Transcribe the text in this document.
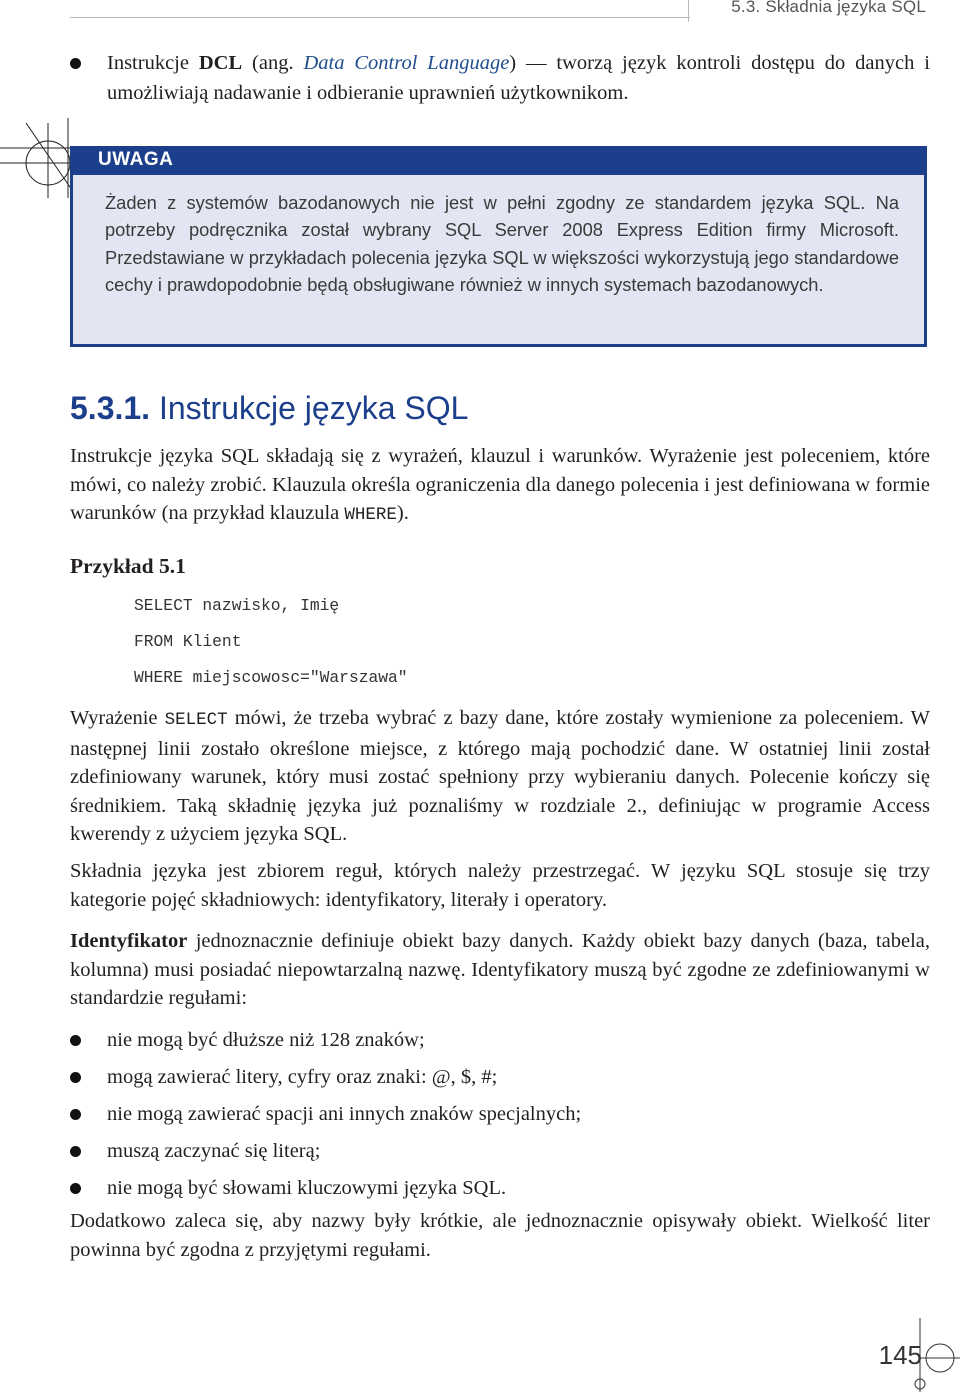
5.3. Składnia języka SQL
Instrukcje DCL (ang. Data Control Language) — tworzą język kontroli dostępu do danych i umożliwiają nadawanie i odbieranie uprawnień użytkownikom.
UWAGA
Żaden z systemów bazodanowych nie jest w pełni zgodny ze standardem języka SQL. Na potrzeby podręcznika został wybrany SQL Server 2008 Express Edition firmy Microsoft. Przedstawiane w przykładach polecenia języka SQL w większości wykorzystują jego standardowe cechy i prawdopodobnie będą obsługiwane również w innych systemach bazodanowych.
5.3.1. Instrukcje języka SQL
Instrukcje języka SQL składają się z wyrażeń, klauzul i warunków. Wyrażenie jest poleceniem, które mówi, co należy zrobić. Klauzula określa ograniczenia dla danego polecenia i jest definiowana w formie warunków (na przykład klauzula WHERE).
Przykład 5.1
SELECT nazwisko, Imię
FROM Klient
WHERE miejscowosc="Warszawa"
Wyrażenie SELECT mówi, że trzeba wybrać z bazy dane, które zostały wymienione za poleceniem. W następnej linii zostało określone miejsce, z którego mają pochodzić dane. W ostatniej linii został zdefiniowany warunek, który musi zostać spełniony przy wybieraniu danych. Polecenie kończy się średnikiem. Taką składnię języka już poznaliśmy w rozdziale 2., definiując w programie Access kwerendy z użyciem języka SQL.
Składnia języka jest zbiorem reguł, których należy przestrzegać. W języku SQL stosuje się trzy kategorie pojęć składniowych: identyfikatory, literały i operatory.
Identyfikator jednoznacznie definiuje obiekt bazy danych. Każdy obiekt bazy danych (baza, tabela, kolumna) musi posiadać niepowtarzalną nazwę. Identyfikatory muszą być zgodne ze zdefiniowanymi w standardzie regułami:
nie mogą być dłuższe niż 128 znaków;
mogą zawierać litery, cyfry oraz znaki: @, $, #;
nie mogą zawierać spacji ani innych znaków specjalnych;
muszą zaczynać się literą;
nie mogą być słowami kluczowymi języka SQL.
Dodatkowo zaleca się, aby nazwy były krótkie, ale jednoznacznie opisywały obiekt. Wielkość liter powinna być zgodna z przyjętymi regułami.
145
